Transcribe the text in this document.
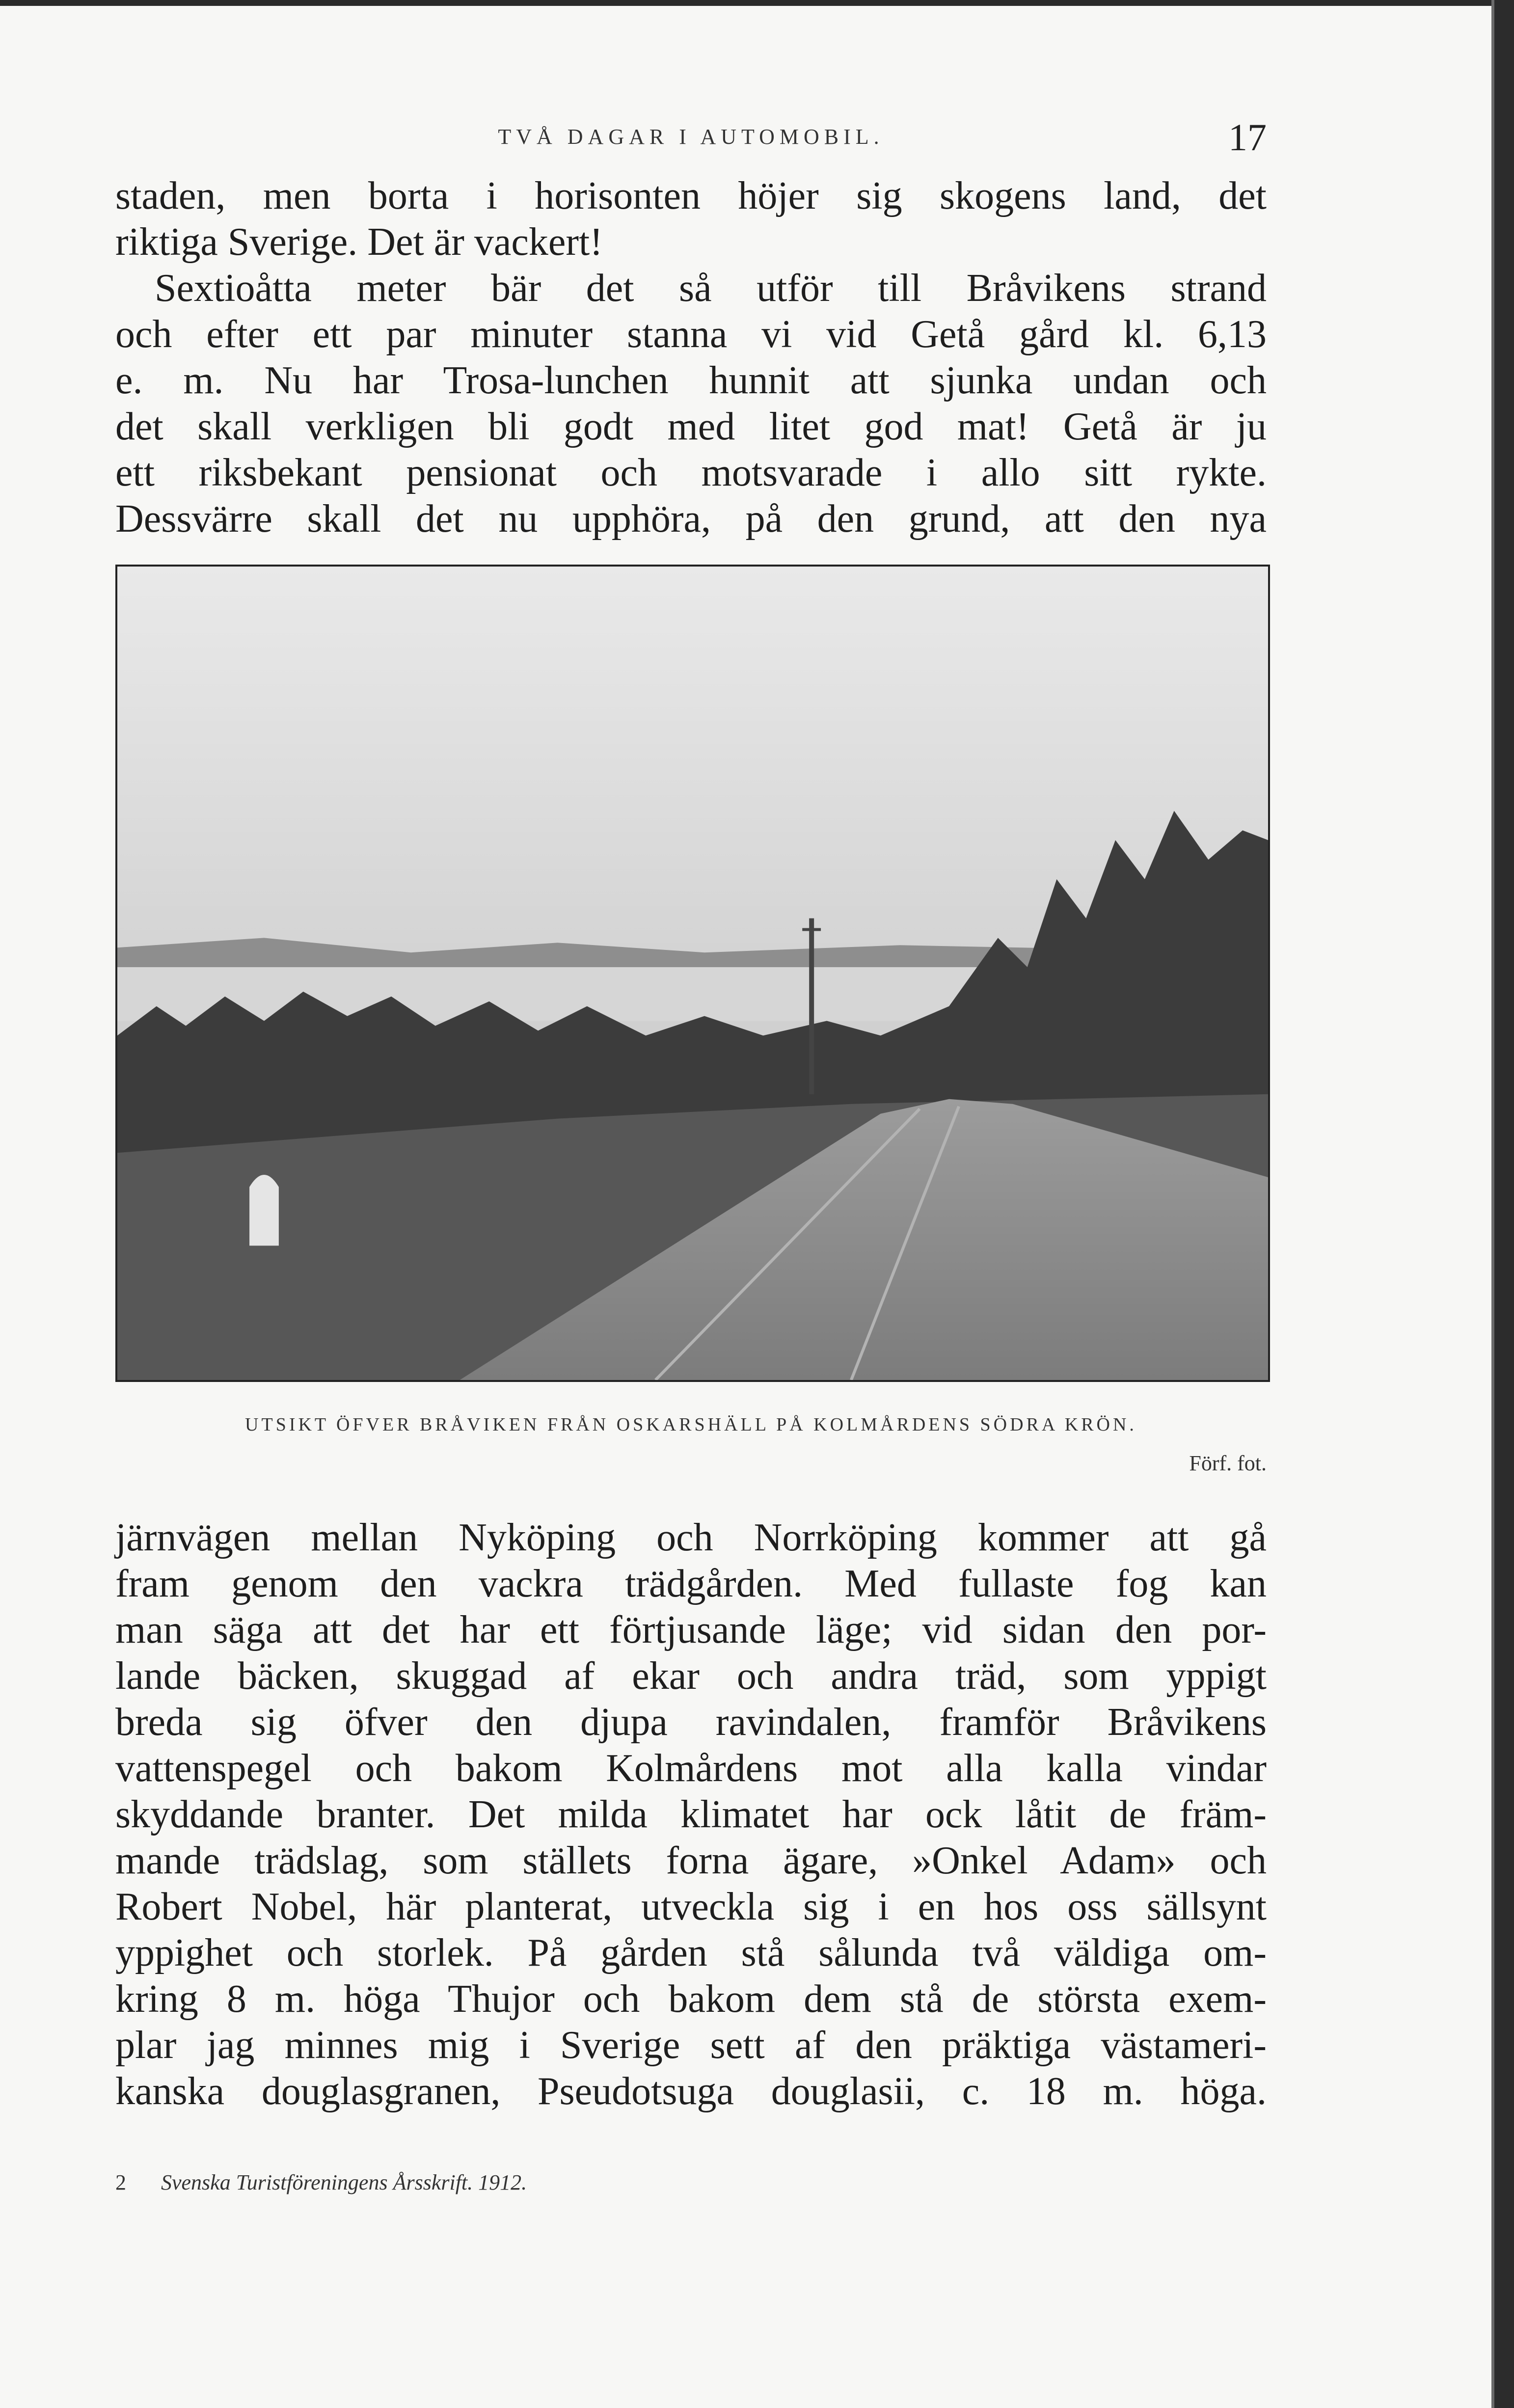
TVÅ DAGAR I AUTOMOBIL.	17
staden, men borta i horisonten höjer sig skogens land, det
riktiga Sverige. Det är vackert!
Sextioåtta meter bär det så utför till Bråvikens strand
och efter ett par minuter stanna vi vid Getå gård kl. 6,13
e. m. Nu har Trosa-lunchen hunnit att sjunka undan och
det skall verkligen bli godt med litet god mat! Getå är ju
ett riksbekant pensionat och motsvarade i allo sitt rykte.
Dessvärre skall det nu upphöra, på den grund, att den nya
UTSIKT ÖFVER BRÅVIKEN FRÅN OSKARSHÄLL PÅ KOLMÅRDENS SÖDRA KRÖN.
Förf. fot.
järnvägen mellan Nyköping och Norrköping kommer att gå
fram genom den vackra trädgården. Med fullaste fog kan
man säga att det har ett förtjusande läge; vid sidan den por-
lande bäcken, skuggad af ekar och andra träd, som yppigt
breda sig öfver den djupa ravindalen, framför Bråvikens
vattenspegel och bakom Kolmårdens mot alla kalla vindar
skyddande branter. Det milda klimatet har ock låtit de främ-
mande trädslag, som ställets forna ägare, »Onkel Adam» och
Robert Nobel, här planterat, utveckla sig i en hos oss sällsynt
yppighet och storlek. På gården stå sålunda två väldiga om-
kring 8 m. höga Thujor och bakom dem stå de största exem-
plar jag minnes mig i Sverige sett af den präktiga västameri-
kanska douglasgranen, Pseudotsuga douglasii, c. 18 m. höga.
2 Svenska Turistföreningens Årsskrift. 1912.
